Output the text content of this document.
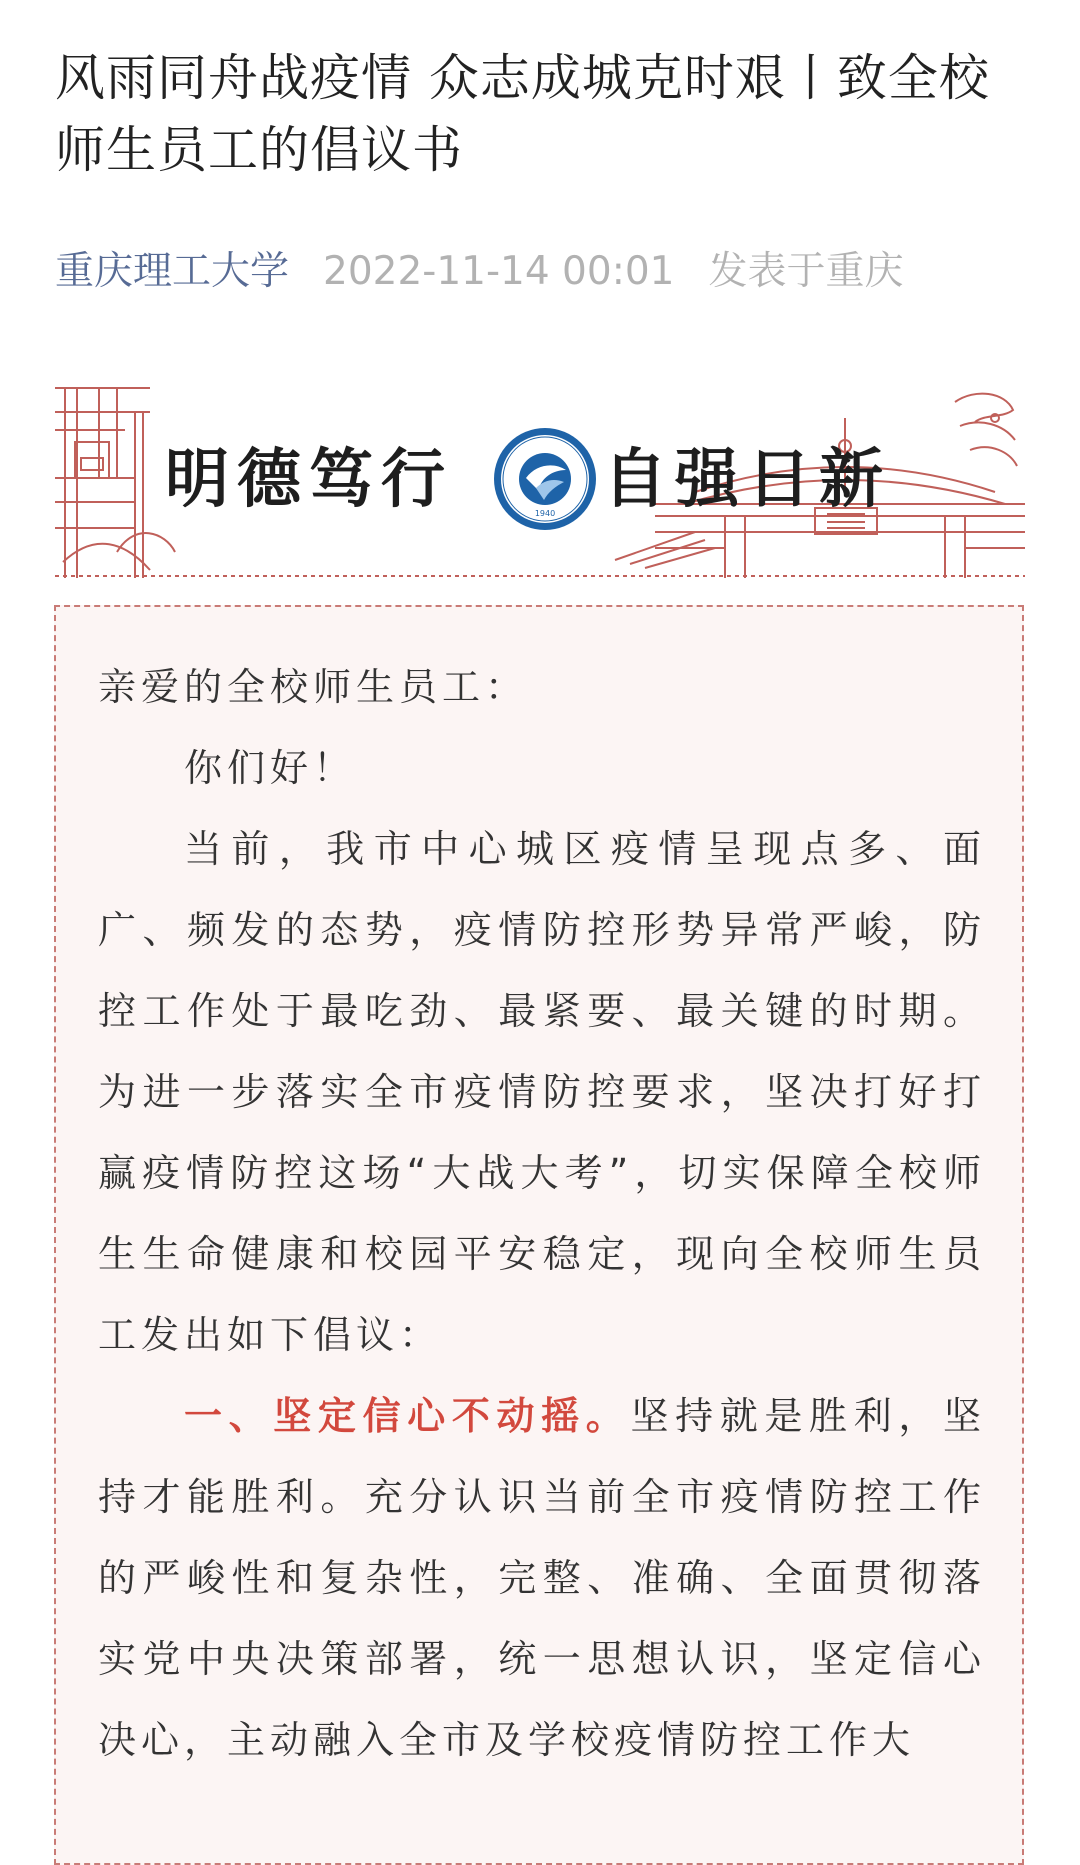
风雨同舟战疫情 众志成城克时艰丨致全校师生员工的倡议书
重庆理工大学 2022-11-14 00:01 发表于重庆
明德笃行	1940 自强日新

亲爱的全校师生员工：

你们好！

当前，我市中心城区疫情呈现点多、面广、频发的态势，疫情防控形势异常严峻，防控工作处于最吃劲、最紧要、最关键的时期。为进一步落实全市疫情防控要求，坚决打好打赢疫情防控这场“大战大考”，切实保障全校师生生命健康和校园平安稳定，现向全校师生员工发出如下倡议：

一、坚定信心不动摇。坚持就是胜利，坚持才能胜利。充分认识当前全市疫情防控工作的严峻性和复杂性，完整、准确、全面贯彻落实党中央决策部署，统一思想认识，坚定信心决心，主动融入全市及学校疫情防控工作大
